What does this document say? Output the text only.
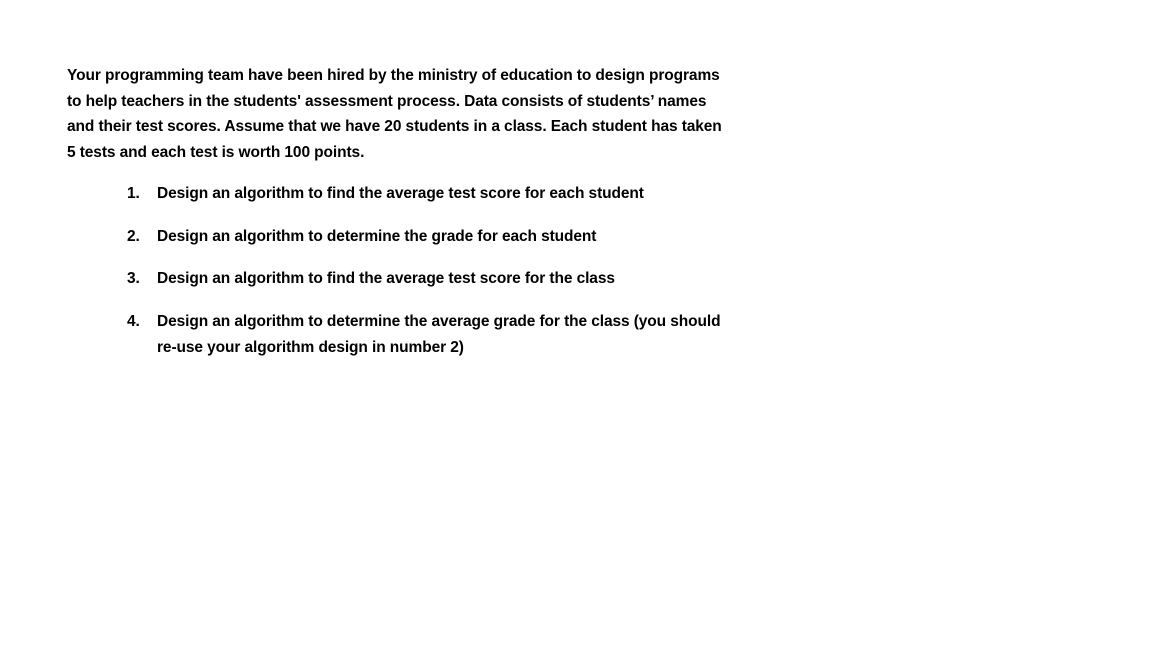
Your programming team have been hired by the ministry of education to design programs
to help teachers in the students' assessment process. Data consists of students’ names
and their test scores. Assume that we have 20 students in a class. Each student has taken
5 tests and each test is worth 100 points.

1.	Design an algorithm to find the average test score for each student
2.	Design an algorithm to determine the grade for each student
3.	Design an algorithm to find the average test score for the class
4.	Design an algorithm to determine the average grade for the class (you should
re-use your algorithm design in number 2)
